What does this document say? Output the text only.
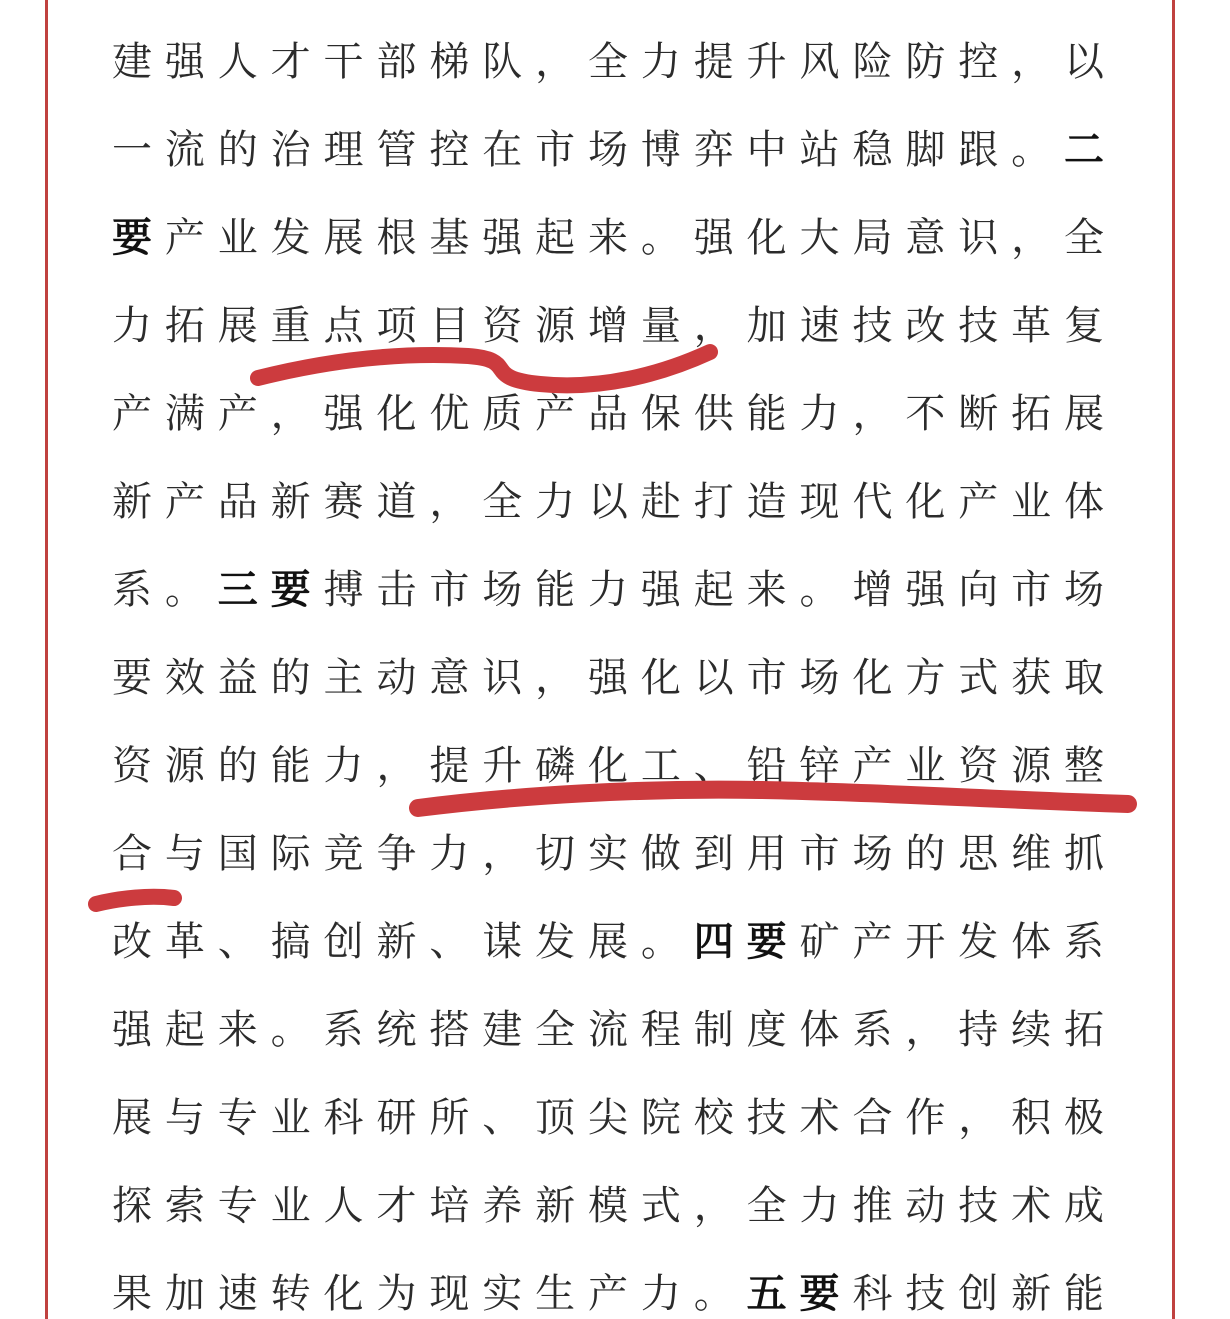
建强人才干部梯队，全力提升风险防控，以
一流的治理管控在市场博弈中站稳脚跟。二
要产业发展根基强起来。强化大局意识，全
力拓展重点项目资源增量，加速技改技革复
产满产，强化优质产品保供能力，不断拓展
新产品新赛道，全力以赴打造现代化产业体
系。三要搏击市场能力强起来。增强向市场
要效益的主动意识，强化以市场化方式获取
资源的能力，提升磷化工、铅锌产业资源整
合与国际竞争力，切实做到用市场的思维抓
改革、搞创新、谋发展。四要矿产开发体系
强起来。系统搭建全流程制度体系，持续拓
展与专业科研所、顶尖院校技术合作，积极
探索专业人才培养新模式，全力推动技术成
果加速转化为现实生产力。五要科技创新能
